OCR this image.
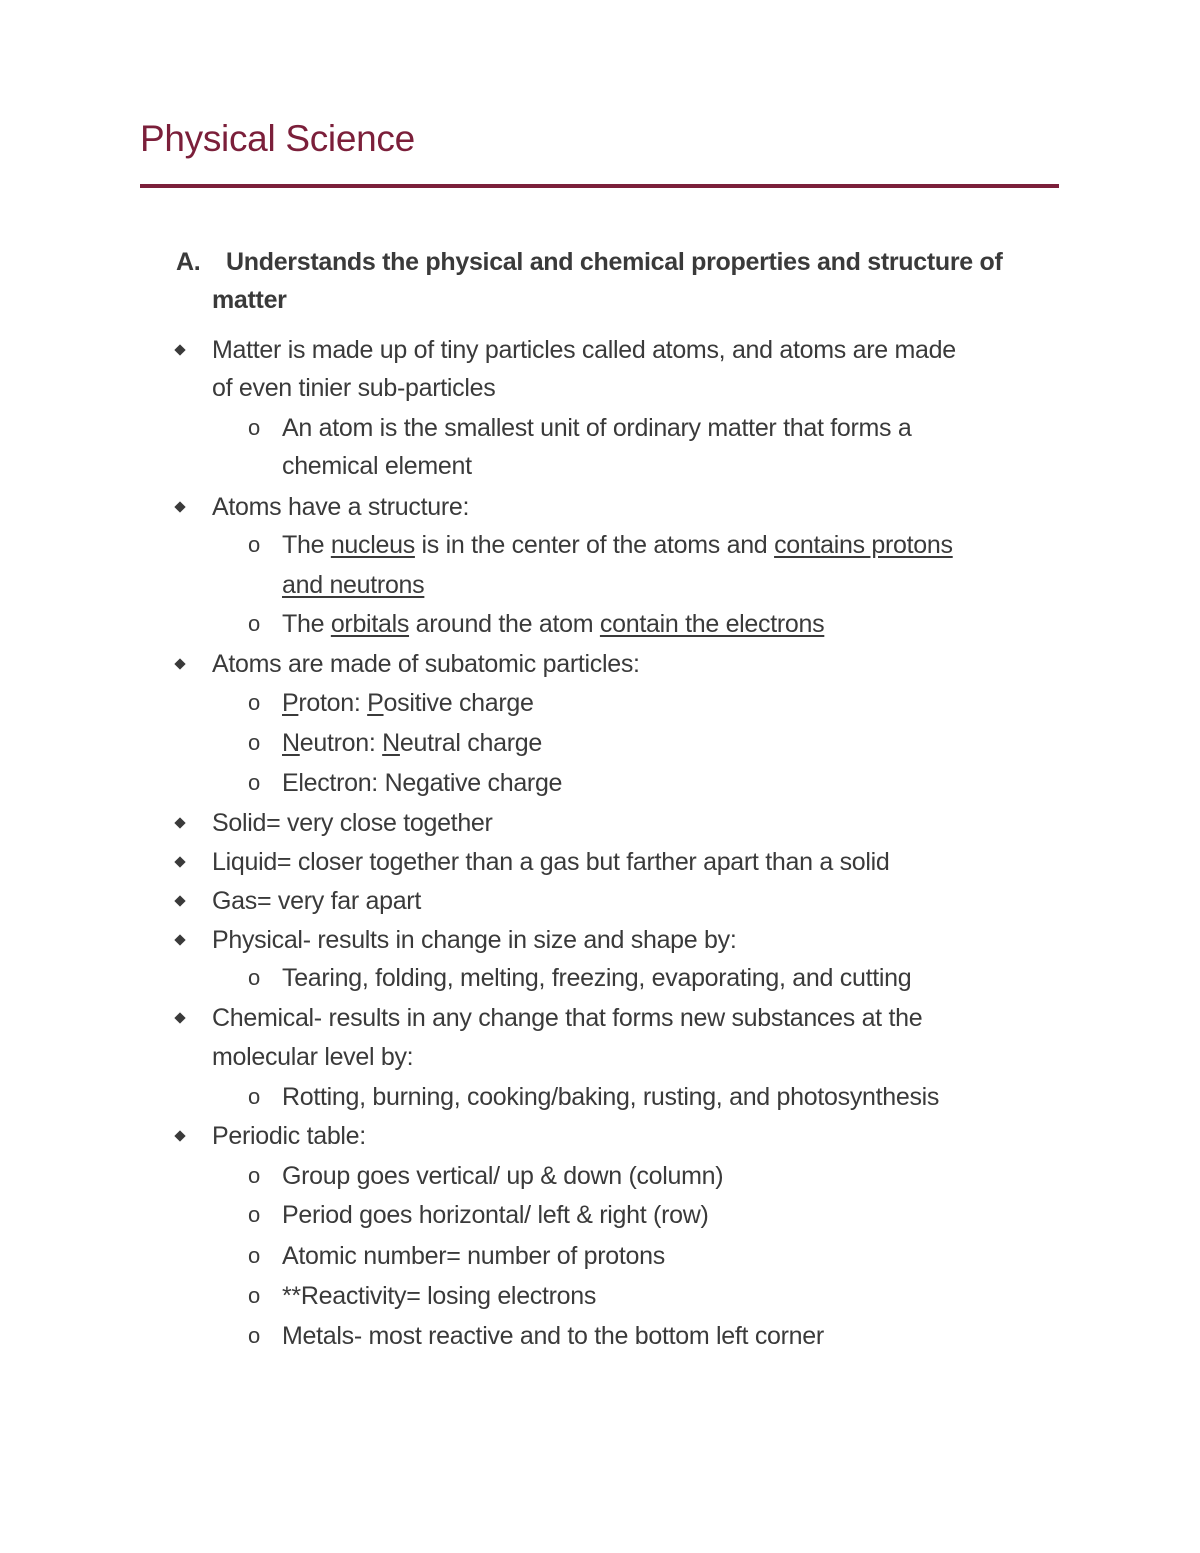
Physical Science
A. Understands the physical and chemical properties and structure of
matter
Matter is made up of tiny particles called atoms, and atoms are made
of even tinier sub-particles
o An atom is the smallest unit of ordinary matter that forms a
chemical element
Atoms have a structure:
o The nucleus is in the center of the atoms and contains protons
and neutrons
o The orbitals around the atom contain the electrons
Atoms are made of subatomic particles:
o Proton: Positive charge
o Neutron: Neutral charge
o Electron: Negative charge
Solid= very close together
Liquid= closer together than a gas but farther apart than a solid
Gas= very far apart
Physical- results in change in size and shape by:
o Tearing, folding, melting, freezing, evaporating, and cutting
Chemical- results in any change that forms new substances at the
molecular level by:
o Rotting, burning, cooking/baking, rusting, and photosynthesis
Periodic table:
o Group goes vertical/ up & down (column)
o Period goes horizontal/ left & right (row)
o Atomic number= number of protons
o **Reactivity= losing electrons
o Metals- most reactive and to the bottom left corner
